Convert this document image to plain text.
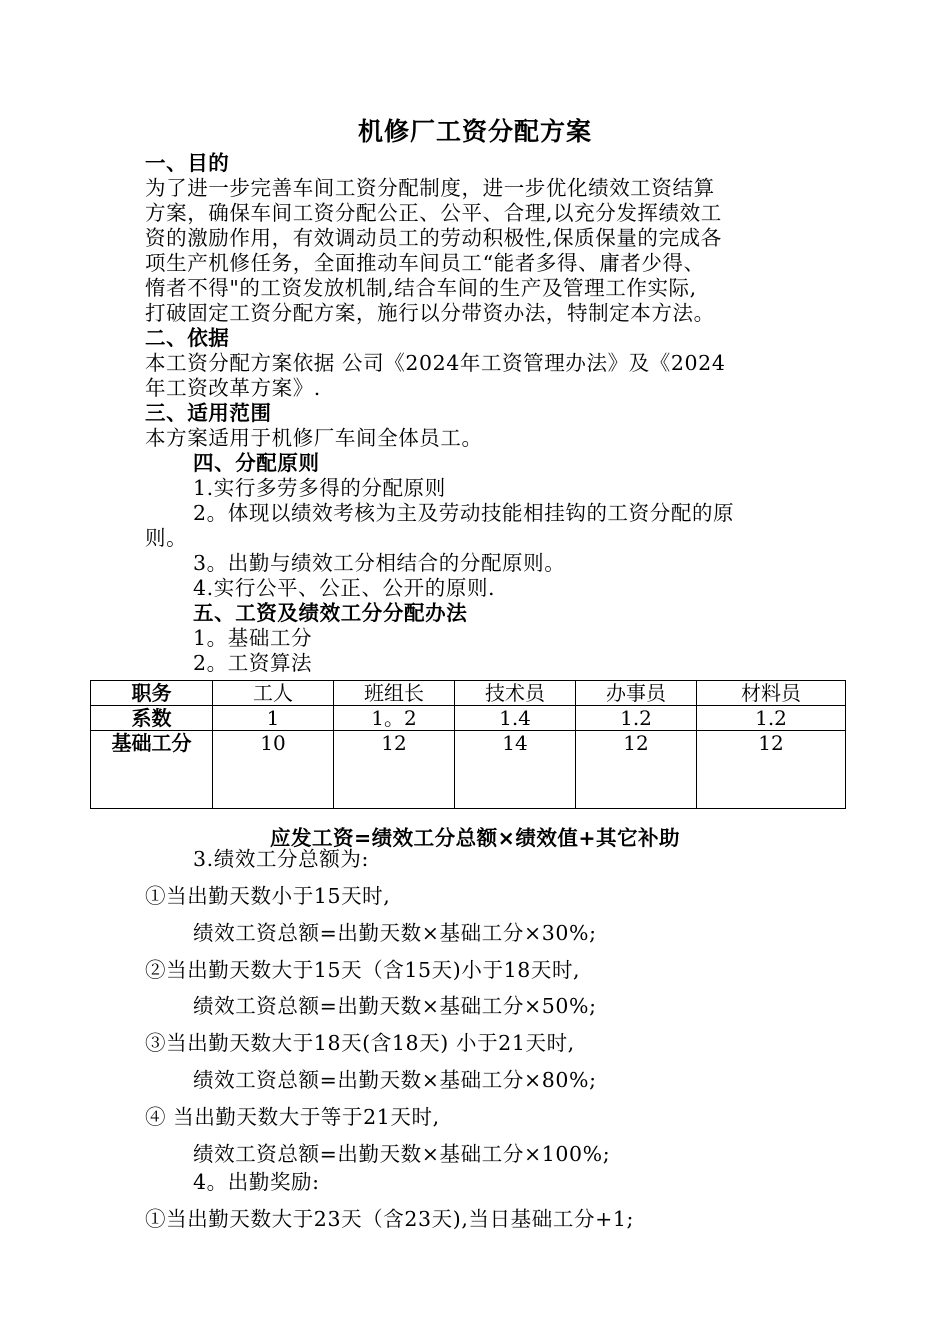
机修厂工资分配方案
一、目的
为了进一步完善车间工资分配制度，进一步优化绩效工资结算
方案，确保车间工资分配公正、公平、合理,以充分发挥绩效工
资的激励作用，有效调动员工的劳动积极性,保质保量的完成各
项生产机修任务，全面推动车间员工“能者多得、庸者少得、
惰者不得"的工资发放机制,结合车间的生产及管理工作实际,
打破固定工资分配方案，施行以分带资办法，特制定本方法。
二、依据
本工资分配方案依据 公司《2024年工资管理办法》及《2024
年工资改革方案》.
三、适用范围
本方案适用于机修厂车间全体员工。
四、分配原则
1.实行多劳多得的分配原则
2。体现以绩效考核为主及劳动技能相挂钩的工资分配的原
则。
3。出勤与绩效工分相结合的分配原则。
4.实行公平、公正、公开的原则.
五、工资及绩效工分分配办法
1。基础工分
2。工资算法
职务	工人	班组长	技术员	办事员	材料员
系数	1	1。2	1.4	1.2	1.2
基础工分	10	12	14	12	12
应发工资=绩效工分总额×绩效值+其它补助
3.绩效工分总额为:
①当出勤天数小于15天时,
绩效工资总额=出勤天数×基础工分×30%;
②当出勤天数大于15天（含15天)小于18天时,
绩效工资总额=出勤天数×基础工分×50%;
③当出勤天数大于18天(含18天) 小于21天时,
绩效工资总额=出勤天数×基础工分×80%;
④ 当出勤天数大于等于21天时,
绩效工资总额=出勤天数×基础工分×100%;
4。出勤奖励:
①当出勤天数大于23天（含23天),当日基础工分+1;
